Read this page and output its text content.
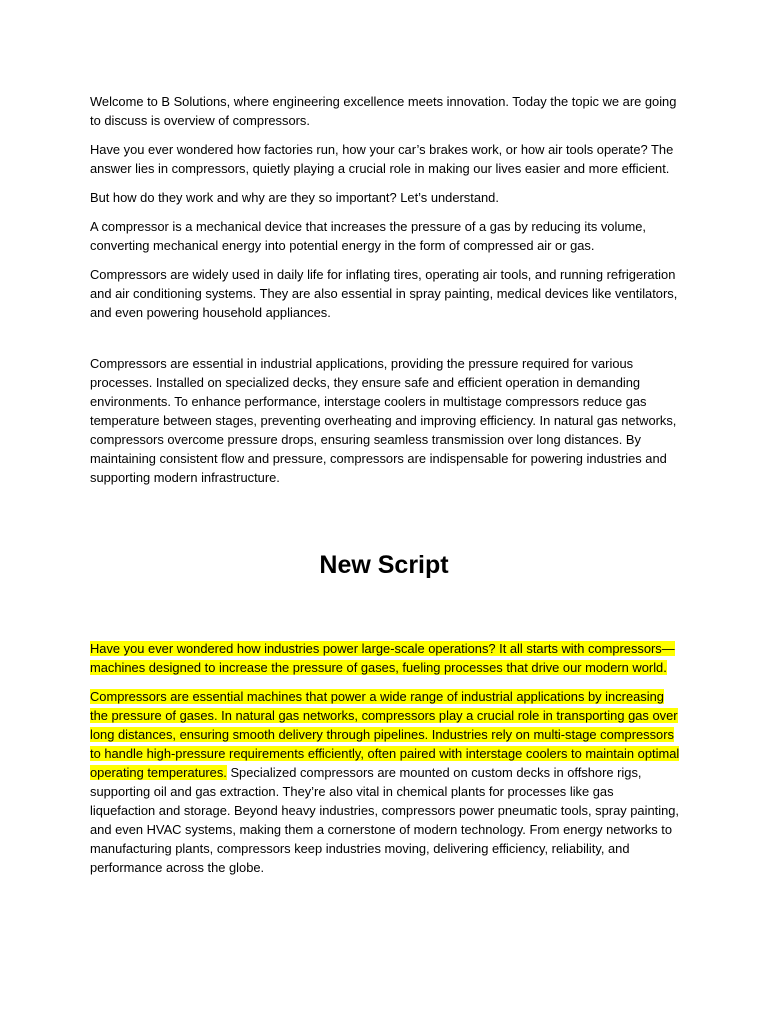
Welcome to B Solutions, where engineering excellence meets innovation. Today the topic we are going to discuss is overview of compressors.

Have you ever wondered how factories run, how your car’s brakes work, or how air tools operate? The answer lies in compressors, quietly playing a crucial role in making our lives easier and more efficient.

But how do they work and why are they so important? Let’s understand.

A compressor is a mechanical device that increases the pressure of a gas by reducing its volume, converting mechanical energy into potential energy in the form of compressed air or gas.

Compressors are widely used in daily life for inflating tires, operating air tools, and running refrigeration and air conditioning systems. They are also essential in spray painting, medical devices like ventilators, and even powering household appliances.

Compressors are essential in industrial applications, providing the pressure required for various processes. Installed on specialized decks, they ensure safe and efficient operation in demanding environments. To enhance performance, interstage coolers in multistage compressors reduce gas temperature between stages, preventing overheating and improving efficiency. In natural gas networks, compressors overcome pressure drops, ensuring seamless transmission over long distances. By maintaining consistent flow and pressure, compressors are indispensable for powering industries and supporting modern infrastructure.

New Script

Have you ever wondered how industries power large-scale operations? It all starts with compressors—machines designed to increase the pressure of gases, fueling processes that drive our modern world.

Compressors are essential machines that power a wide range of industrial applications by increasing the pressure of gases. In natural gas networks, compressors play a crucial role in transporting gas over long distances, ensuring smooth delivery through pipelines. Industries rely on multi-stage compressors to handle high-pressure requirements efficiently, often paired with interstage coolers to maintain optimal operating temperatures. Specialized compressors are mounted on custom decks in offshore rigs, supporting oil and gas extraction. They’re also vital in chemical plants for processes like gas liquefaction and storage. Beyond heavy industries, compressors power pneumatic tools, spray painting, and even HVAC systems, making them a cornerstone of modern technology. From energy networks to manufacturing plants, compressors keep industries moving, delivering efficiency, reliability, and performance across the globe.
